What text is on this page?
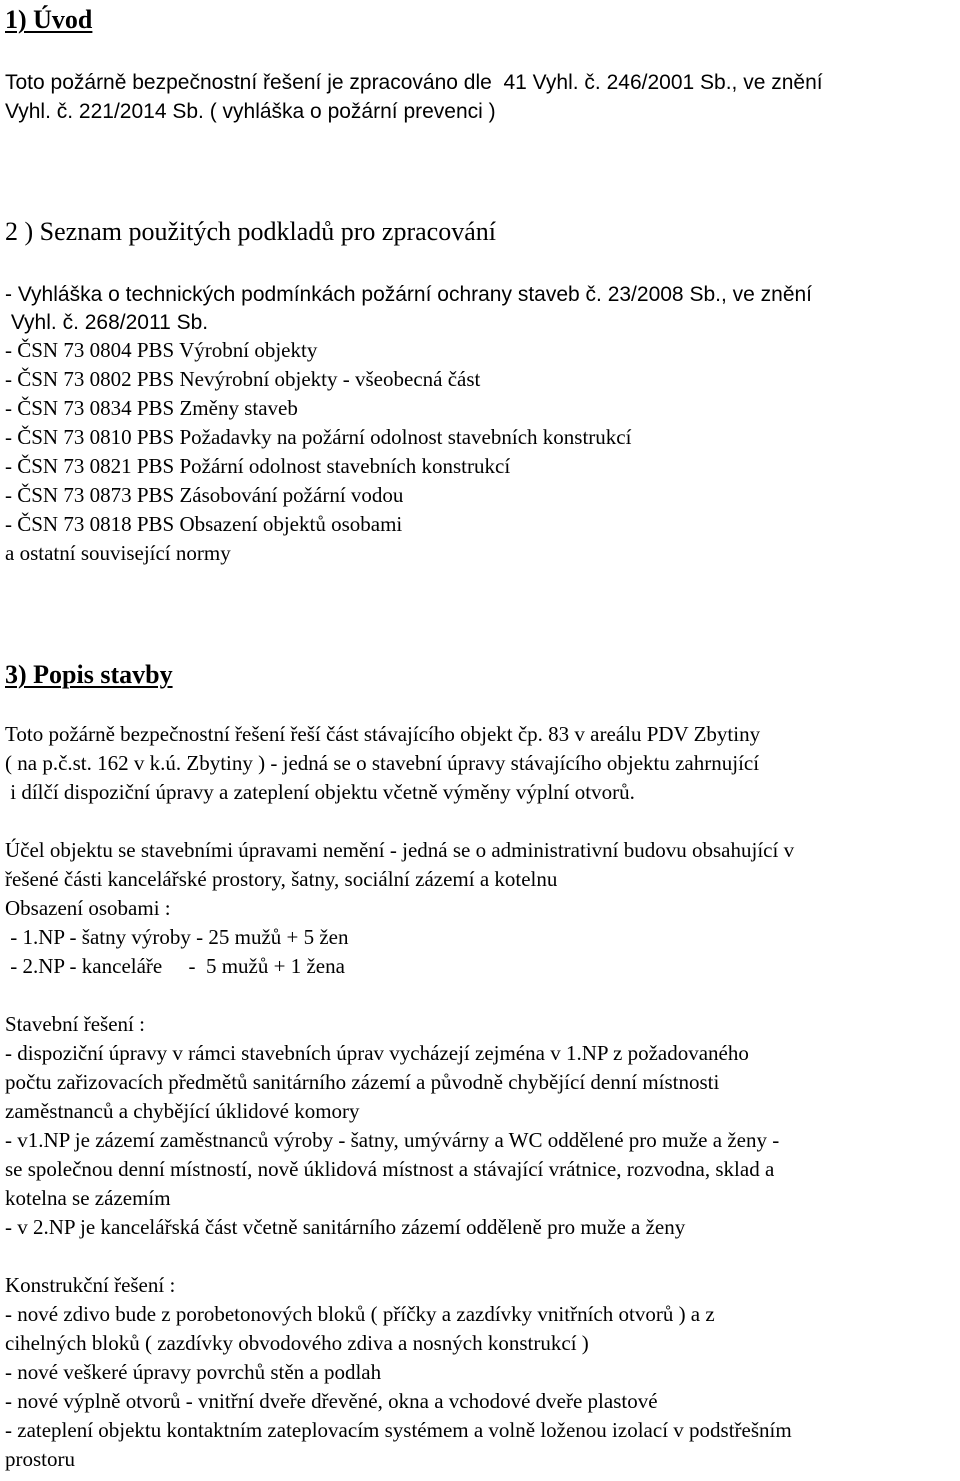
1) Úvod
Toto požárně bezpečnostní řešení je zpracováno dle  41 Vyhl. č. 246/2001 Sb., ve znění
Vyhl. č. 221/2014 Sb. ( vyhláška o požární prevenci )
2 ) Seznam použitých podkladů pro zpracování
- Vyhláška o technických podmínkách požární ochrany staveb č. 23/2008 Sb., ve znění
Vyhl. č. 268/2011 Sb.
- ČSN 73 0804 PBS Výrobní objekty
- ČSN 73 0802 PBS Nevýrobní objekty - všeobecná část
- ČSN 73 0834 PBS Změny staveb
- ČSN 73 0810 PBS Požadavky na požární odolnost stavebních konstrukcí
- ČSN 73 0821 PBS Požární odolnost stavebních konstrukcí
- ČSN 73 0873 PBS Zásobování požární vodou
- ČSN 73 0818 PBS Obsazení objektů osobami
a ostatní související normy
3) Popis stavby
Toto požárně bezpečnostní řešení řeší část stávajícího objekt čp. 83 v areálu PDV Zbytiny
( na p.č.st. 162 v k.ú. Zbytiny ) - jedná se o stavební úpravy stávajícího objektu zahrnující
i dílčí dispoziční úpravy a zateplení objektu včetně výměny výplní otvorů.
Účel objektu se stavebními úpravami nemění - jedná se o administrativní budovu obsahující v
řešené části kancelářské prostory, šatny, sociální zázemí a kotelnu
Obsazení osobami :
- 1.NP - šatny výroby - 25 mužů + 5 žen
- 2.NP - kanceláře     -  5 mužů + 1 žena
Stavební řešení :
- dispoziční úpravy v rámci stavebních úprav vycházejí zejména v 1.NP z požadovaného
počtu zařizovacích předmětů sanitárního zázemí a původně chybějící denní místnosti
zaměstnanců a chybějící úklidové komory
- v1.NP je zázemí zaměstnanců výroby - šatny, umývárny a WC oddělené pro muže a ženy -
se společnou denní místností, nově úklidová místnost a stávající vrátnice, rozvodna, sklad a
kotelna se zázemím
- v 2.NP je kancelářská část včetně sanitárního zázemí odděleně pro muže a ženy
Konstrukční řešení :
- nové zdivo bude z porobetonových bloků ( příčky a zazdívky vnitřních otvorů ) a z
cihelných bloků ( zazdívky obvodového zdiva a nosných konstrukcí )
- nové veškeré úpravy povrchů stěn a podlah
- nové výplně otvorů - vnitřní dveře dřevěné, okna a vchodové dveře plastové
- zateplení objektu kontaktním zateplovacím systémem a volně loženou izolací v podstřešním
prostoru
